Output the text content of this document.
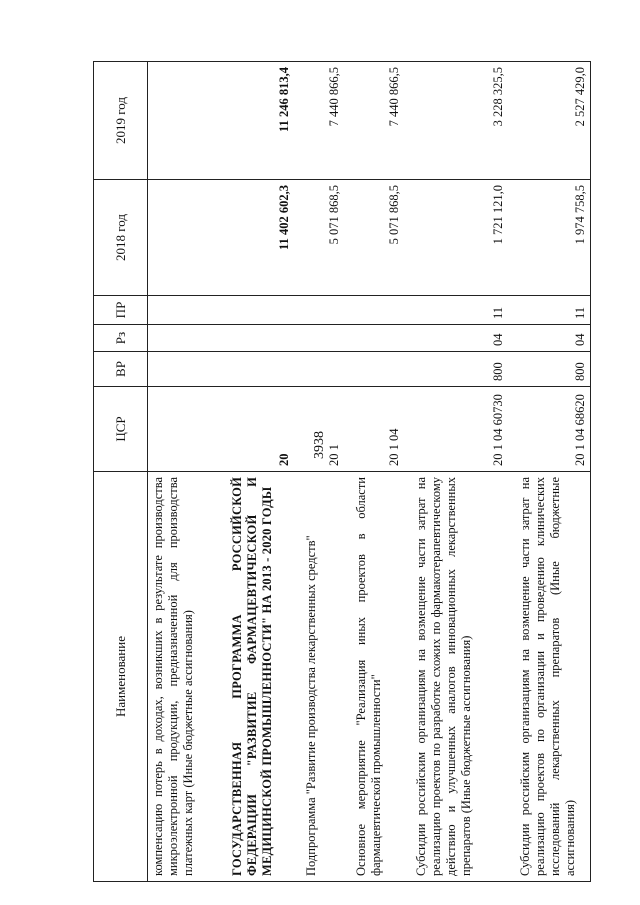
3938
Наименование	ЦСР	ВР	Рз	ПР	2018 год	2019 год
компенсацию потерь в доходах, возникших в результате производства микроэлектронной продукции, предназначенной для производства платежных карт (Иные бюджетные ассигнования)						
ГОСУДАРСТВЕННАЯ ПРОГРАММА РОССИЙСКОЙ ФЕДЕРАЦИИ "РАЗВИТИЕ ФАРМАЦЕВТИЧЕСКОЙ И МЕДИЦИНСКОЙ ПРОМЫШЛЕННОСТИ" НА 2013 - 2020 ГОДЫ	20				11 402 602,3	11 246 813,4
Подпрограмма "Развитие производства лекарственных средств"	20 1				5 071 868,5	7 440 866,5
Основное мероприятие "Реализация иных проектов в области фармацевтической промышленности"	20 1 04				5 071 868,5	7 440 866,5
Субсидии российским организациям на возмещение части затрат на реализацию проектов по разработке схожих по фармакотерапевтическому действию и улучшенных аналогов инновационных лекарственных препаратов (Иные бюджетные ассигнования)	20 1 04 60730	800	04	11	1 721 121,0	3 228 325,5
Субсидии российским организациям на возмещение части затрат на реализацию проектов по организации и проведению клинических исследований лекарственных препаратов (Иные бюджетные ассигнования)	20 1 04 68620	800	04	11	1 974 758,5	2 527 429,0
